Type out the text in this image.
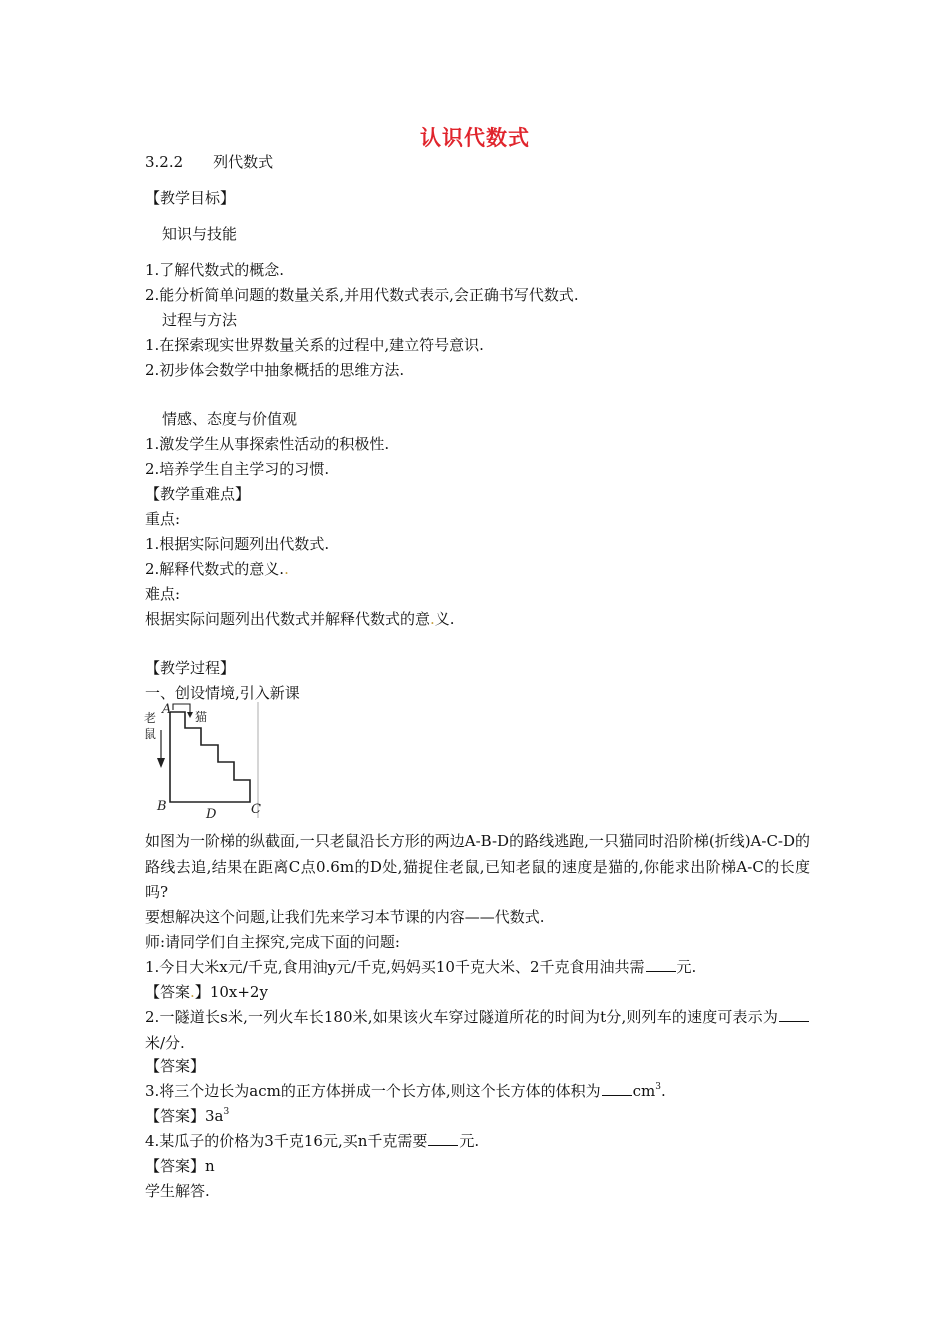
认识代数式
3.2.2　　列代数式
【教学目标】
知识与技能
1.了解代数式的概念.
2.能分析简单问题的数量关系,并用代数式表示,会正确书写代数式.
过程与方法
1.在探索现实世界数量关系的过程中,建立符号意识.
2.初步体会数学中抽象概括的思维方法.
情感、态度与价值观
1.激发学生从事探索性活动的积极性.
2.培养学生自主学习的习惯.
【教学重难点】
重点:
1.根据实际问题列出代数式.
2.解释代数式的意义..
难点:
根据实际问题列出代数式并解释代数式的意.义.
【教学过程】
一、创设情境,引入新课
老
鼠
A 猫
B
D	C
如图为一阶梯的纵截面,一只老鼠沿长方形的两边A-B-D的路线逃跑,一只猫同时沿阶梯(折线)A-C-D的路线去追,结果在距离C点0.6m的D处,猫捉住老鼠,已知老鼠的速度是猫的,你能求出阶梯A-C的长度吗?
要想解决这个问题,让我们先来学习本节课的内容——代数式.
师:请同学们自主探究,完成下面的问题:
1.今日大米x元/千克,食用油y元/千克,妈妈买10千克大米、2千克食用油共需 元.
【答案.】10x+2y
2.一隧道长s米,一列火车长180米,如果该火车穿过隧道所花的时间为t分,则列车的速度可表示为米/分.
【答案】
3.将三个边长为acm的正方体拼成一个长方体,则这个长方体的体积为 $cm^3$.
【答案】$3a^3$
4.某瓜子的价格为3千克16元,买n千克需要 元.
【答案】n
学生解答.
